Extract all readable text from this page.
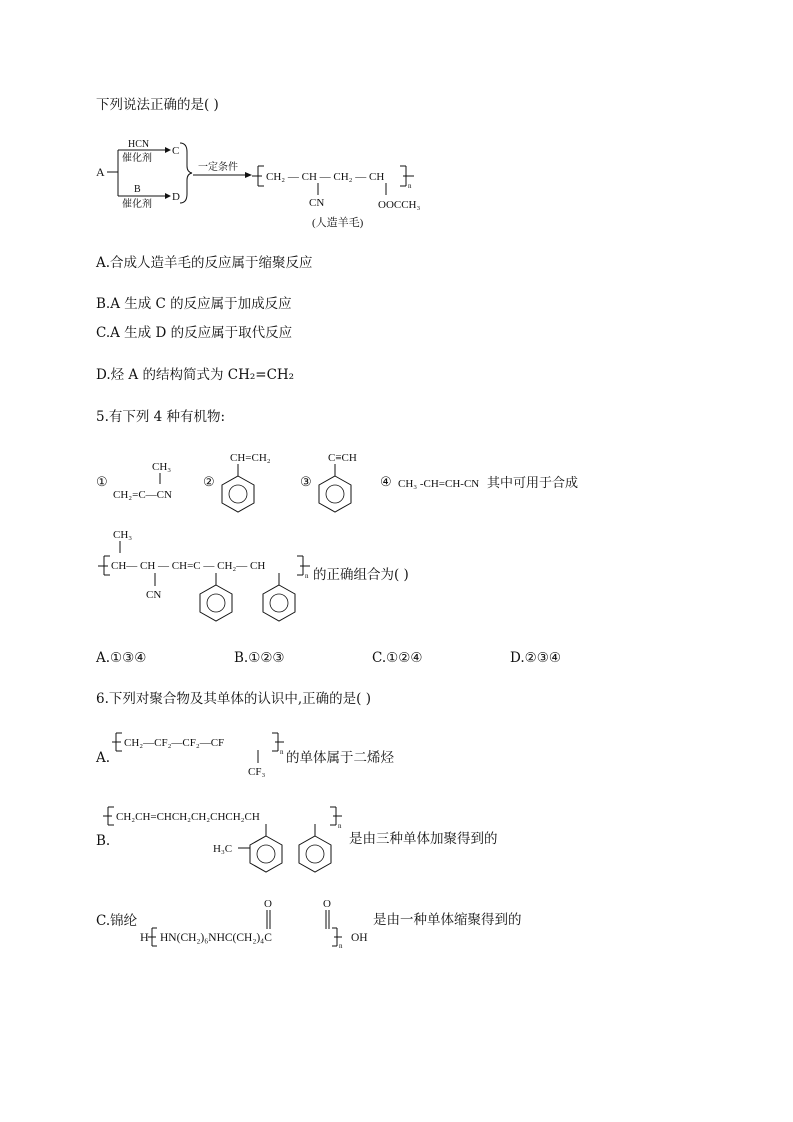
下列说法正确的是( )
A
HCN
催化剂
C
B
催化剂
D
一定条件
CH₂ — CH — CH₂ — CH
n
CN	OOCCH₃
(人造羊毛)
A.合成人造羊毛的反应属于缩聚反应
B.A 生成 C 的反应属于加成反应
C.A 生成 D 的反应属于取代反应
D.烃 A 的结构简式为 CH₂=CH₂
5.有下列 4 种有机物:
①
CH₃
CH₂=C—CN
②
CH=CH₂
③
C≡CH
④ CH₃ -CH=CH-CN 其中可用于合成
CH₃
CH— CH — CH=C — CH₂— CH
n
CN
的正确组合为( )
A.①③④	B.①②③	C.①②④	D.②③④
6.下列对聚合物及其单体的认识中,正确的是( )
A.
CH₂—CF₂—CF₂—CF
n
CF₃
的单体属于二烯烃
B.
CH₂CH=CHCH₂CH₂CHCH₂CH
n
H₃C
是由三种单体加聚得到的
C.锦纶
H HN(CH₂)₆NHC(CH₂)₄C
n
OH
O	O
是由一种单体缩聚得到的
